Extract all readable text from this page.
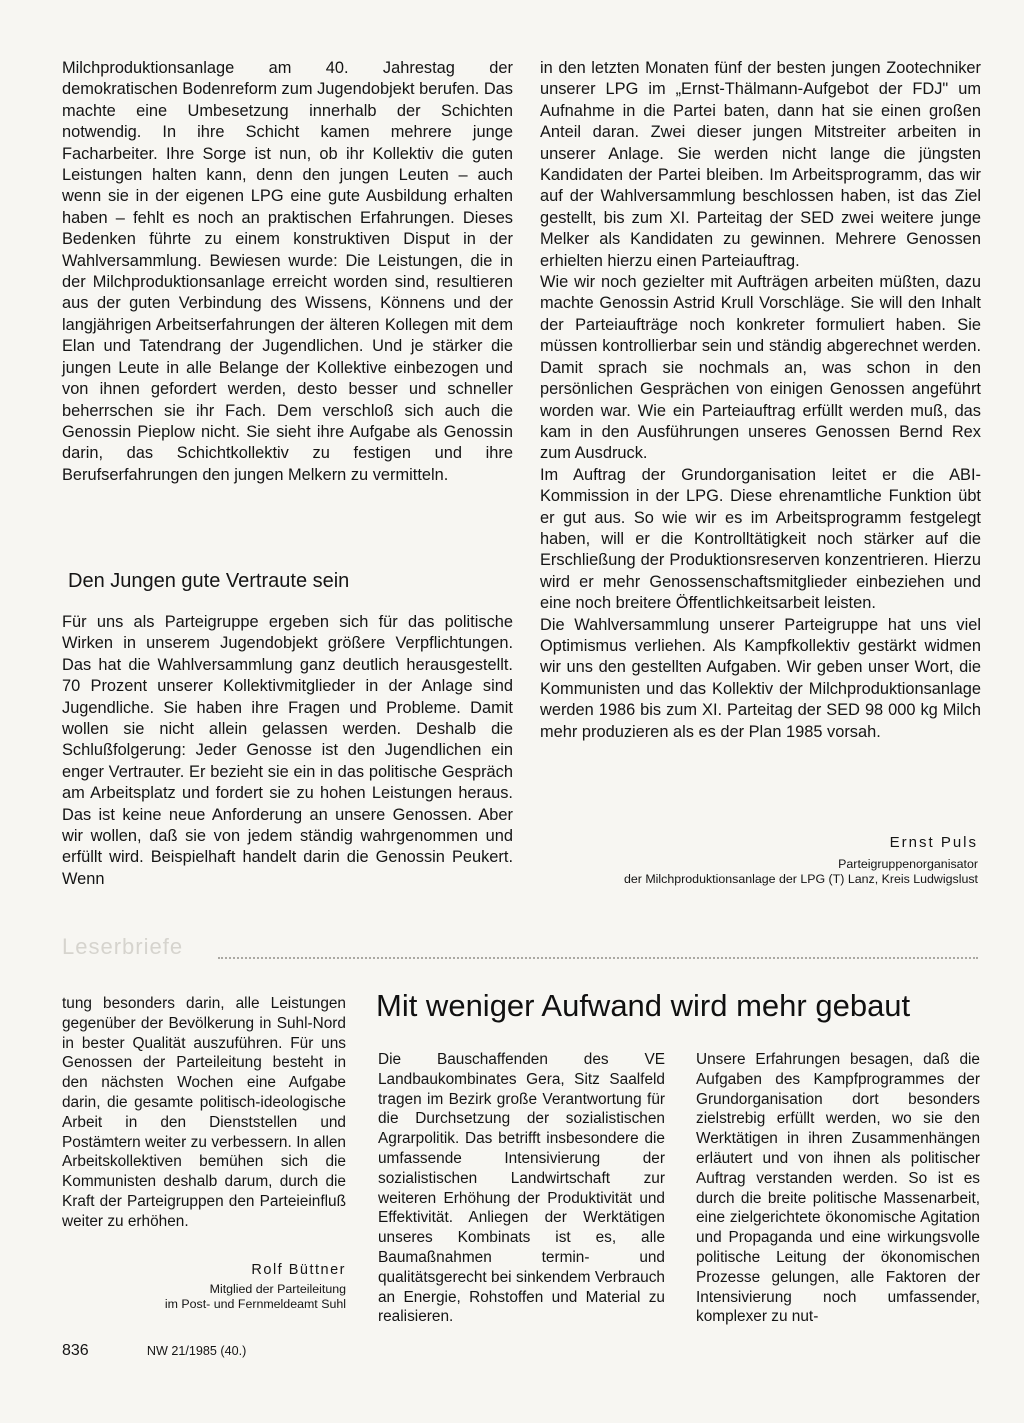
Milchproduktionsanlage am 40. Jahrestag der demokratischen Bodenreform zum Jugendobjekt berufen. Das machte eine Umbesetzung innerhalb der Schichten notwendig. In ihre Schicht kamen mehrere junge Facharbeiter. Ihre Sorge ist nun, ob ihr Kollektiv die guten Leistungen halten kann, denn den jungen Leuten – auch wenn sie in der eigenen LPG eine gute Ausbildung erhalten haben – fehlt es noch an praktischen Erfahrungen. Dieses Bedenken führte zu einem konstruktiven Disput in der Wahlversammlung. Bewiesen wurde: Die Leistungen, die in der Milchproduktionsanlage erreicht worden sind, resultieren aus der guten Verbindung des Wissens, Könnens und der langjährigen Arbeitserfahrungen der älteren Kollegen mit dem Elan und Tatendrang der Jugendlichen. Und je stärker die jungen Leute in alle Belange der Kollektive einbezogen und von ihnen gefordert werden, desto besser und schneller beherrschen sie ihr Fach. Dem verschloß sich auch die Genossin Pieplow nicht. Sie sieht ihre Aufgabe als Genossin darin, das Schichtkollektiv zu festigen und ihre Berufserfahrungen den jungen Melkern zu vermitteln.

Den Jungen gute Vertraute sein

Für uns als Parteigruppe ergeben sich für das politische Wirken in unserem Jugendobjekt größere Verpflichtungen. Das hat die Wahlversammlung ganz deutlich herausgestellt. 70 Prozent unserer Kollektivmitglieder in der Anlage sind Jugendliche. Sie haben ihre Fragen und Probleme. Damit wollen sie nicht allein gelassen werden. Deshalb die Schlußfolgerung: Jeder Genosse ist den Jugendlichen ein enger Vertrauter. Er bezieht sie ein in das politische Gespräch am Arbeitsplatz und fordert sie zu hohen Leistungen heraus. Das ist keine neue Anforderung an unsere Genossen. Aber wir wollen, daß sie von jedem ständig wahrgenommen und erfüllt wird. Beispielhaft handelt darin die Genossin Peukert. Wenn

in den letzten Monaten fünf der besten jungen Zootechniker unserer LPG im „Ernst-Thälmann-Aufgebot der FDJ" um Aufnahme in die Partei baten, dann hat sie einen großen Anteil daran. Zwei dieser jungen Mitstreiter arbeiten in unserer Anlage. Sie werden nicht lange die jüngsten Kandidaten der Partei bleiben. Im Arbeitsprogramm, das wir auf der Wahlversammlung beschlossen haben, ist das Ziel gestellt, bis zum XI. Parteitag der SED zwei weitere junge Melker als Kandidaten zu gewinnen. Mehrere Genossen erhielten hierzu einen Parteiauftrag.

Wie wir noch gezielter mit Aufträgen arbeiten müßten, dazu machte Genossin Astrid Krull Vorschläge. Sie will den Inhalt der Parteiaufträge noch konkreter formuliert haben. Sie müssen kontrollierbar sein und ständig abgerechnet werden. Damit sprach sie nochmals an, was schon in den persönlichen Gesprächen von einigen Genossen angeführt worden war. Wie ein Parteiauftrag erfüllt werden muß, das kam in den Ausführungen unseres Genossen Bernd Rex zum Ausdruck.

Im Auftrag der Grundorganisation leitet er die ABI-Kommission in der LPG. Diese ehrenamtliche Funktion übt er gut aus. So wie wir es im Arbeitsprogramm festgelegt haben, will er die Kontrolltätigkeit noch stärker auf die Erschließung der Produktionsreserven konzentrieren. Hierzu wird er mehr Genossenschaftsmitglieder einbeziehen und eine noch breitere Öffentlichkeitsarbeit leisten.

Die Wahlversammlung unserer Parteigruppe hat uns viel Optimismus verliehen. Als Kampfkollektiv gestärkt widmen wir uns den gestellten Aufgaben. Wir geben unser Wort, die Kommunisten und das Kollektiv der Milchproduktionsanlage werden 1986 bis zum XI. Parteitag der SED 98 000 kg Milch mehr produzieren als es der Plan 1985 vorsah.

Ernst Puls
Parteigruppenorganisator
der Milchproduktionsanlage der LPG (T) Lanz, Kreis Ludwigslust
Leserbriefe

tung besonders darin, alle Leistungen gegenüber der Bevölkerung in Suhl-Nord in bester Qualität auszuführen. Für uns Genossen der Parteileitung besteht in den nächsten Wochen eine Aufgabe darin, die gesamte politisch-ideologische Arbeit in den Dienststellen und Postämtern weiter zu verbessern. In allen Arbeitskollektiven bemühen sich die Kommunisten deshalb darum, durch die Kraft der Parteigruppen den Parteieinfluß weiter zu erhöhen.

Rolf Büttner
Mitglied der Parteileitung
im Post- und Fernmeldeamt Suhl
Mit weniger Aufwand wird mehr gebaut

Die Bauschaffenden des VE Landbaukombinates Gera, Sitz Saalfeld tragen im Bezirk große Verantwortung für die Durchsetzung der sozialistischen Agrarpolitik. Das betrifft insbesondere die umfassende Intensivierung der sozialistischen Landwirtschaft zur weiteren Erhöhung der Produktivität und Effektivität. Anliegen der Werktätigen unseres Kombinats ist es, alle Baumaßnahmen termin- und qualitätsgerecht bei sinkendem Verbrauch an Energie, Rohstoffen und Material zu realisieren.

Unsere Erfahrungen besagen, daß die Aufgaben des Kampfprogrammes der Grundorganisation dort besonders zielstrebig erfüllt werden, wo sie den Werktätigen in ihren Zusammenhängen erläutert und von ihnen als politischer Auftrag verstanden werden. So ist es durch die breite politische Massenarbeit, eine zielgerichtete ökonomische Agitation und Propaganda und eine wirkungsvolle politische Leitung der ökonomischen Prozesse gelungen, alle Faktoren der Intensivierung noch umfassender, komplexer zu nut-

836	NW 21/1985 (40.)
